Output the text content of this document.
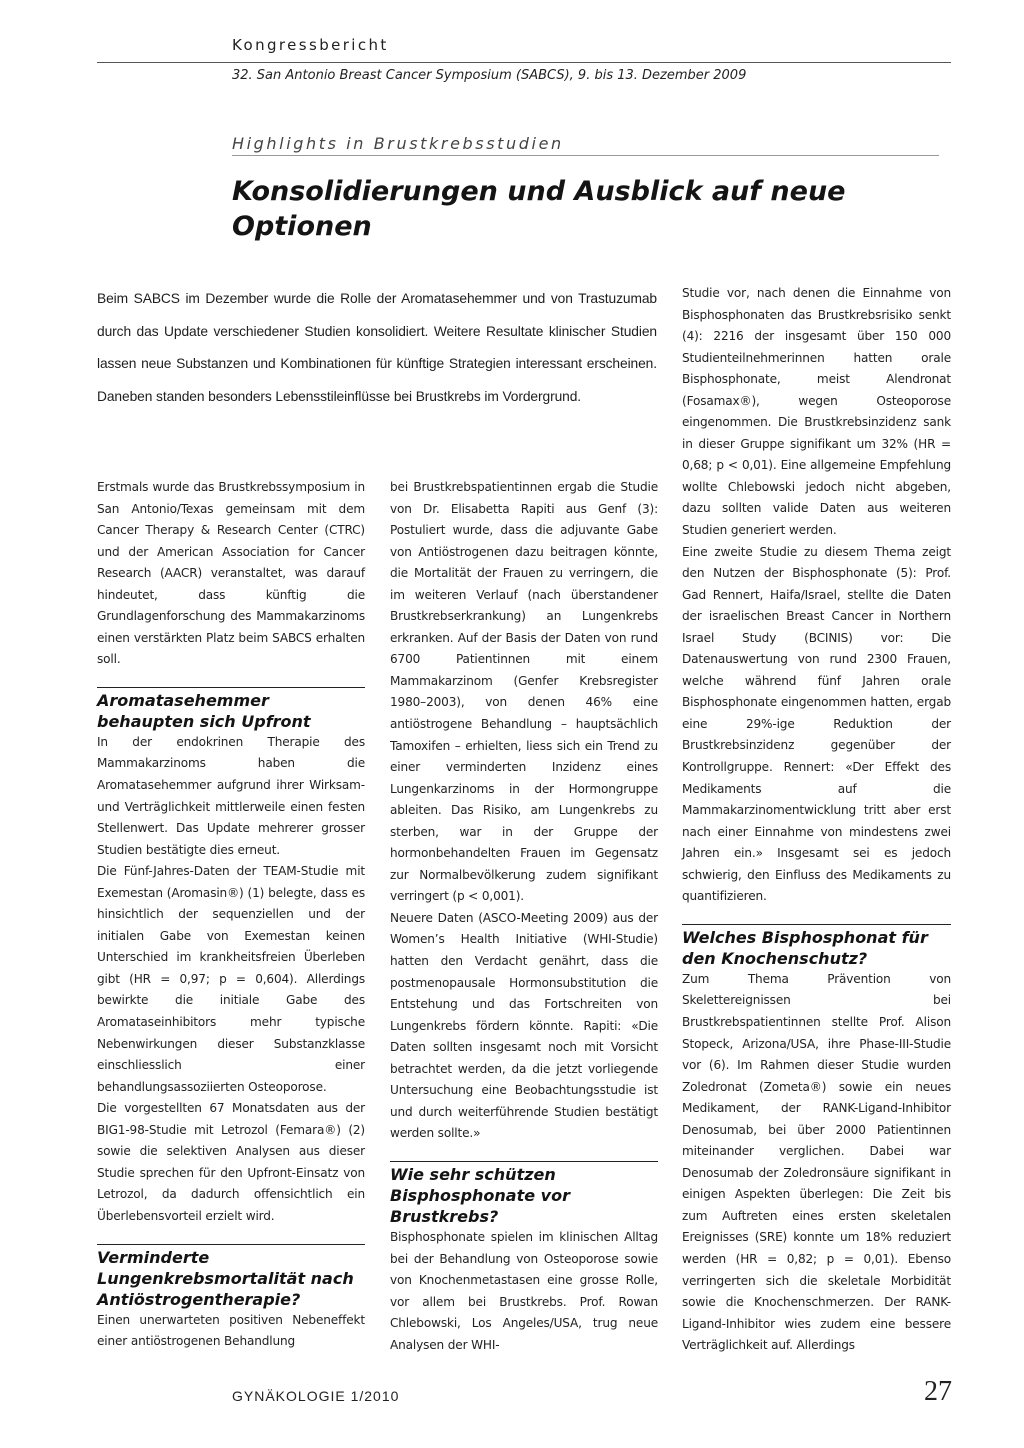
Kongressbericht
32. San Antonio Breast Cancer Symposium (SABCS), 9. bis 13. Dezember 2009
Highlights in Brustkrebsstudien
Konsolidierungen und Ausblick auf neue Optionen
Beim SABCS im Dezember wurde die Rolle der Aromatasehemmer und von Trastuzumab durch das Update verschiedener Studien konsolidiert. Weitere Resultate klinischer Studien lassen neue Substanzen und Kombinationen für künftige Strategien interessant erscheinen. Daneben standen besonders Lebensstileinflüsse bei Brustkrebs im Vordergrund.

Erstmals wurde das Brustkrebssymposium in San Antonio/Texas gemeinsam mit dem Cancer Therapy & Research Center (CTRC) und der American Association for Cancer Research (AACR) veranstaltet, was darauf hindeutet, dass künftig die Grundlagenforschung des Mammakarzinoms einen verstärkten Platz beim SABCS erhalten soll.

Aromatasehemmer behaupten sich Upfront

In der endokrinen Therapie des Mammakarzinoms haben die Aromatasehemmer aufgrund ihrer Wirksam- und Verträglichkeit mittlerweile einen festen Stellenwert. Das Update mehrerer grosser Studien bestätigte dies erneut.

Die Fünf-Jahres-Daten der TEAM-Studie mit Exemestan (Aromasin®) (1) belegte, dass es hinsichtlich der sequenziellen und der initialen Gabe von Exemestan keinen Unterschied im krankheitsfreien Überleben gibt (HR = 0,97; p = 0,604). Allerdings bewirkte die initiale Gabe des Aromataseinhibitors mehr typische Nebenwirkungen dieser Substanzklasse einschliesslich einer behandlungsassoziierten Osteoporose.

Die vorgestellten 67 Monatsdaten aus der BIG1-98-Studie mit Letrozol (Femara®) (2) sowie die selektiven Analysen aus dieser Studie sprechen für den Upfront-Einsatz von Letrozol, da dadurch offensichtlich ein Überlebensvorteil erzielt wird.

Verminderte Lungenkrebsmortalität nach Antiöstrogentherapie?

Einen unerwarteten positiven Nebeneffekt einer antiöstrogenen Behandlung

bei Brustkrebspatientinnen ergab die Studie von Dr. Elisabetta Rapiti aus Genf (3): Postuliert wurde, dass die adjuvante Gabe von Antiöstrogenen dazu beitragen könnte, die Mortalität der Frauen zu verringern, die im weiteren Verlauf (nach überstandener Brustkrebserkrankung) an Lungenkrebs erkranken. Auf der Basis der Daten von rund 6700 Patientinnen mit einem Mammakarzinom (Genfer Krebsregister 1980–2003), von denen 46% eine antiöstrogene Behandlung – hauptsächlich Tamoxifen – erhielten, liess sich ein Trend zu einer verminderten Inzidenz eines Lungenkarzinoms in der Hormongruppe ableiten. Das Risiko, am Lungenkrebs zu sterben, war in der Gruppe der hormonbehandelten Frauen im Gegensatz zur Normalbevölkerung zudem signifikant verringert (p < 0,001).

Neuere Daten (ASCO-Meeting 2009) aus der Women’s Health Initiative (WHI-Studie) hatten den Verdacht genährt, dass die postmenopausale Hormonsubstitution die Entstehung und das Fortschreiten von Lungenkrebs fördern könnte. Rapiti: «Die Daten sollten insgesamt noch mit Vorsicht betrachtet werden, da die jetzt vorliegende Untersuchung eine Beobachtungsstudie ist und durch weiterführende Studien bestätigt werden sollte.»

Wie sehr schützen Bisphosphonate vor Brustkrebs?

Bisphosphonate spielen im klinischen Alltag bei der Behandlung von Osteoporose sowie von Knochenmetastasen eine grosse Rolle, vor allem bei Brustkrebs. Prof. Rowan Chlebowski, Los Angeles/USA, trug neue Analysen der WHI-

Studie vor, nach denen die Einnahme von Bisphosphonaten das Brustkrebsrisiko senkt (4): 2216 der insgesamt über 150 000 Studienteilnehmerinnen hatten orale Bisphosphonate, meist Alendronat (Fosamax®), wegen Osteoporose eingenommen. Die Brustkrebsinzidenz sank in dieser Gruppe signifikant um 32% (HR = 0,68; p < 0,01). Eine allgemeine Empfehlung wollte Chlebowski jedoch nicht abgeben, dazu sollten valide Daten aus weiteren Studien generiert werden.

Eine zweite Studie zu diesem Thema zeigt den Nutzen der Bisphosphonate (5): Prof. Gad Rennert, Haifa/Israel, stellte die Daten der israelischen Breast Cancer in Northern Israel Study (BCINIS) vor: Die Datenauswertung von rund 2300 Frauen, welche während fünf Jahren orale Bisphosphonate eingenommen hatten, ergab eine 29%-ige Reduktion der Brustkrebsinzidenz gegenüber der Kontrollgruppe. Rennert: «Der Effekt des Medikaments auf die Mammakarzinomentwicklung tritt aber erst nach einer Einnahme von mindestens zwei Jahren ein.» Insgesamt sei es jedoch schwierig, den Einfluss des Medikaments zu quantifizieren.

Welches Bisphosphonat für den Knochenschutz?

Zum Thema Prävention von Skelettereignissen bei Brustkrebspatientinnen stellte Prof. Alison Stopeck, Arizona/USA, ihre Phase-III-Studie vor (6). Im Rahmen dieser Studie wurden Zoledronat (Zometa®) sowie ein neues Medikament, der RANK-Ligand-Inhibitor Denosumab, bei über 2000 Patientinnen miteinander verglichen. Dabei war Denosumab der Zoledronsäure signifikant in einigen Aspekten überlegen: Die Zeit bis zum Auftreten eines ersten skeletalen Ereignisses (SRE) konnte um 18% reduziert werden (HR = 0,82; p = 0,01). Ebenso verringerten sich die skeletale Morbidität sowie die Knochenschmerzen. Der RANK-Ligand-Inhibitor wies zudem eine bessere Verträglichkeit auf. Allerdings

GYNÄKOLOGIE 1/2010	27
